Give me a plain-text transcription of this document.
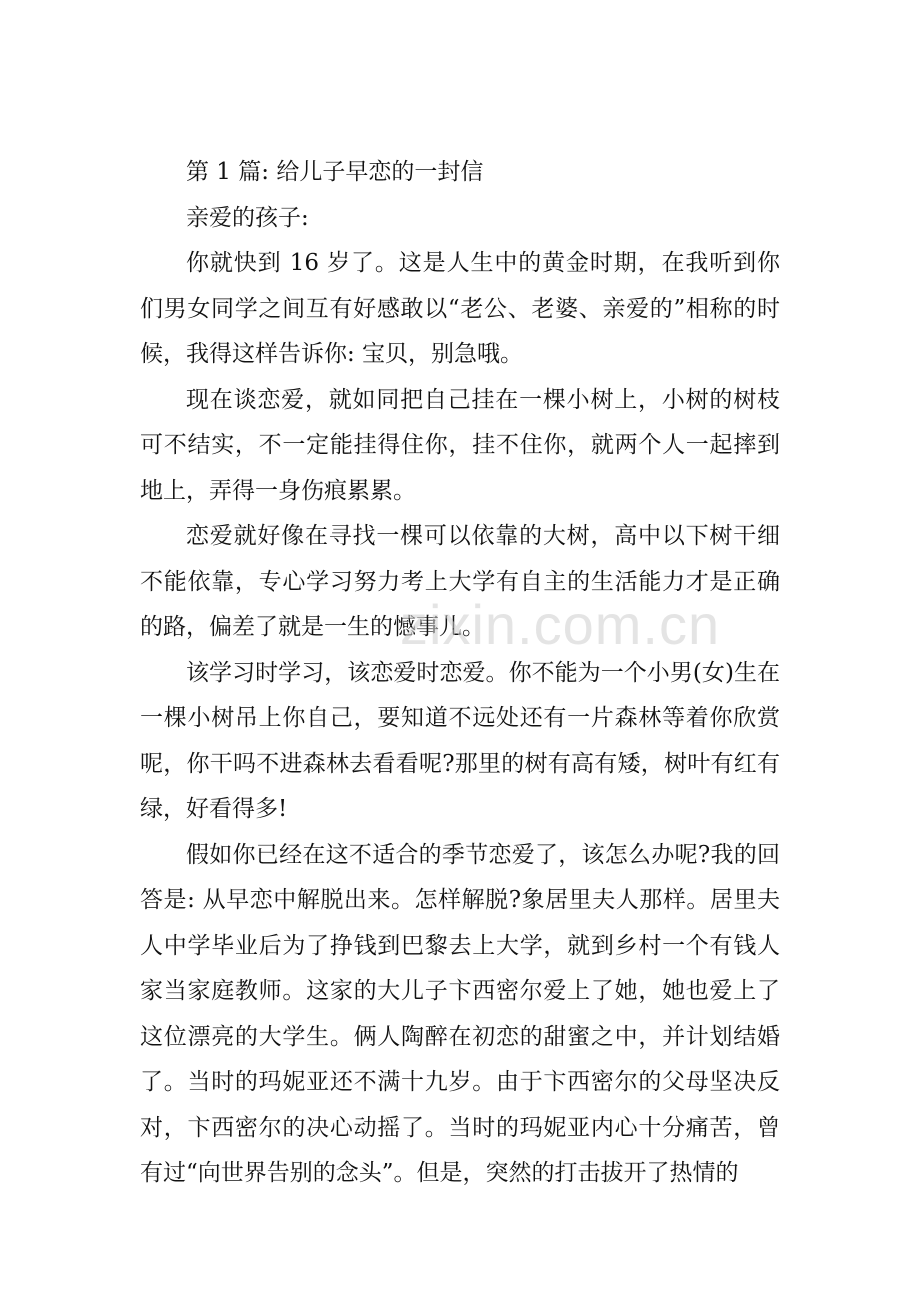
第 1 篇: 给儿子早恋的一封信

亲爱的孩子:

你就快到 16 岁了。这是人生中的黄金时期，在我听到你们男女同学之间互有好感敢以“老公、老婆、亲爱的”相称的时候，我得这样告诉你: 宝贝，别急哦。

现在谈恋爱，就如同把自己挂在一棵小树上，小树的树枝可不结实，不一定能挂得住你，挂不住你，就两个人一起摔到地上，弄得一身伤痕累累。

恋爱就好像在寻找一棵可以依靠的大树，高中以下树干细不能依靠，专心学习努力考上大学有自主的生活能力才是正确的路，偏差了就是一生的憾事儿。

该学习时学习，该恋爱时恋爱。你不能为一个小男(女)生在一棵小树吊上你自己，要知道不远处还有一片森林等着你欣赏呢，你干吗不进森林去看看呢?那里的树有高有矮，树叶有红有绿，好看得多!

假如你已经在这不适合的季节恋爱了，该怎么办呢?我的回答是: 从早恋中解脱出来。怎样解脱?象居里夫人那样。居里夫人中学毕业后为了挣钱到巴黎去上大学，就到乡村一个有钱人家当家庭教师。这家的大儿子卞西密尔爱上了她，她也爱上了这位漂亮的大学生。俩人陶醉在初恋的甜蜜之中，并计划结婚了。当时的玛妮亚还不满十九岁。由于卞西密尔的父母坚决反对，卞西密尔的决心动摇了。当时的玛妮亚内心十分痛苦，曾有过“向世界告别的念头”。但是，突然的打击拔开了热情的

zixin.com.cn
